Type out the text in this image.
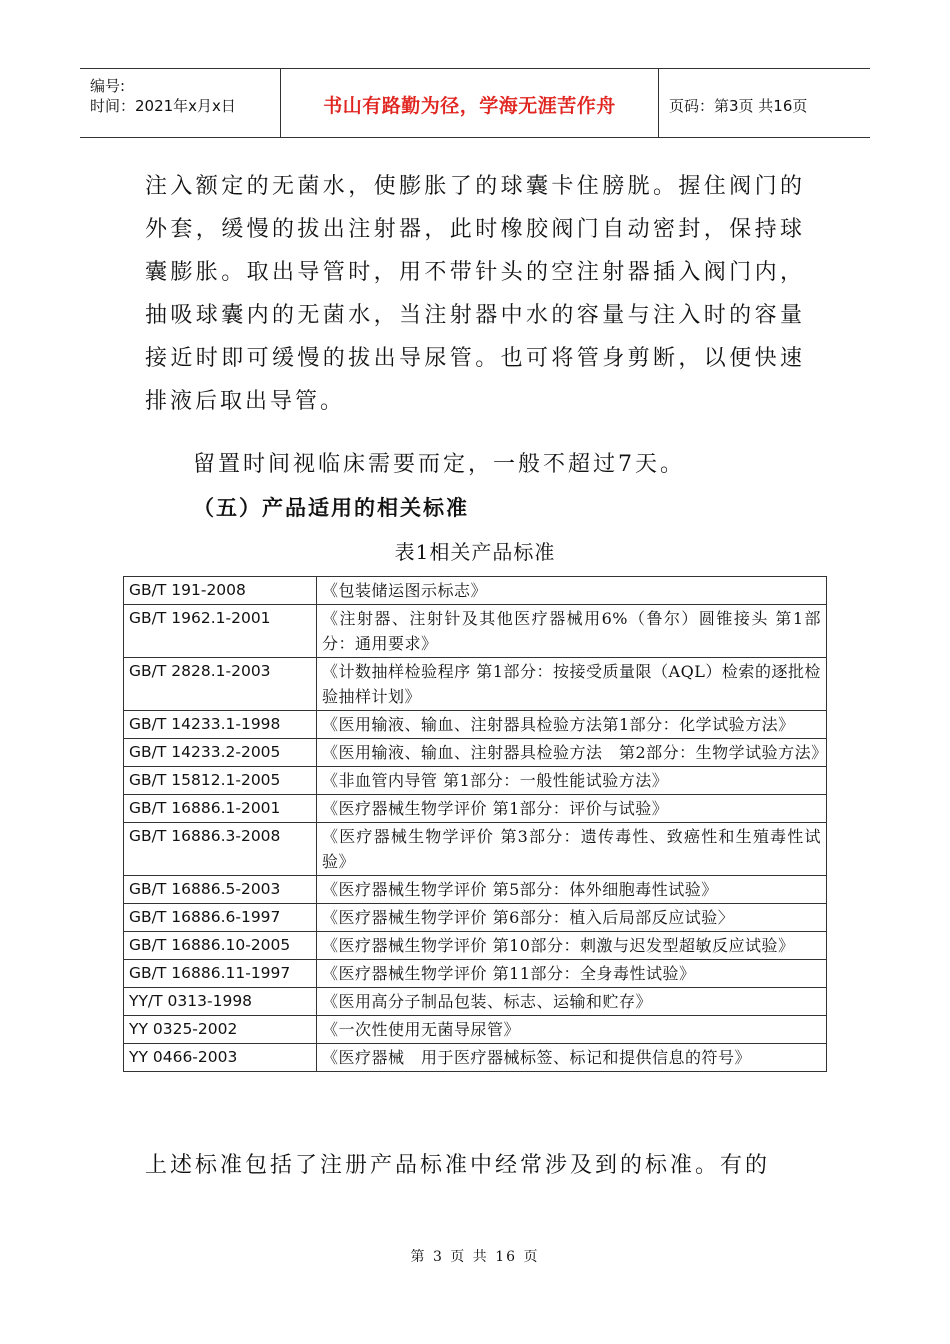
编号:
时间：2021年x月x日	书山有路勤为径，学海无涯苦作舟	页码：第3页 共16页

注入额定的无菌水，使膨胀了的球囊卡住膀胱。握住阀门的外套，缓慢的拔出注射器，此时橡胶阀门自动密封，保持球囊膨胀。取出导管时，用不带针头的空注射器插入阀门内，抽吸球囊内的无菌水，当注射器中水的容量与注入时的容量接近时即可缓慢的拔出导尿管。也可将管身剪断，以便快速排液后取出导管。

留置时间视临床需要而定，一般不超过7天。

（五）产品适用的相关标准

表1相关产品标准

GB/T 191-2008	《包装储运图示标志》
GB/T 1962.1-2001	《注射器、注射针及其他医疗器械用6%（鲁尔）圆锥接头 第1部分：通用要求》
GB/T 2828.1-2003	《计数抽样检验程序 第1部分：按接受质量限（AQL）检索的逐批检验抽样计划》
GB/T 14233.1-1998	《医用输液、输血、注射器具检验方法第1部分：化学试验方法》
GB/T 14233.2-2005	《医用输液、输血、注射器具检验方法　第2部分：生物学试验方法》
GB/T 15812.1-2005	《非血管内导管 第1部分：一般性能试验方法》
GB/T 16886.1-2001	《医疗器械生物学评价 第1部分：评价与试验》
GB/T 16886.3-2008	《医疗器械生物学评价 第3部分：遗传毒性、致癌性和生殖毒性试验》
GB/T 16886.5-2003	《医疗器械生物学评价 第5部分：体外细胞毒性试验》
GB/T 16886.6-1997	《医疗器械生物学评价 第6部分：植入后局部反应试验〉
GB/T 16886.10-2005	《医疗器械生物学评价 第10部分：刺激与迟发型超敏反应试验》
GB/T 16886.11-1997	《医疗器械生物学评价 第11部分：全身毒性试验》
YY/T 0313-1998	《医用高分子制品包装、标志、运输和贮存》
YY 0325-2002	《一次性使用无菌导尿管》
YY 0466-2003	《医疗器械　用于医疗器械标签、标记和提供信息的符号》

上述标准包括了注册产品标准中经常涉及到的标准。有的

第 3 页 共 16 页
